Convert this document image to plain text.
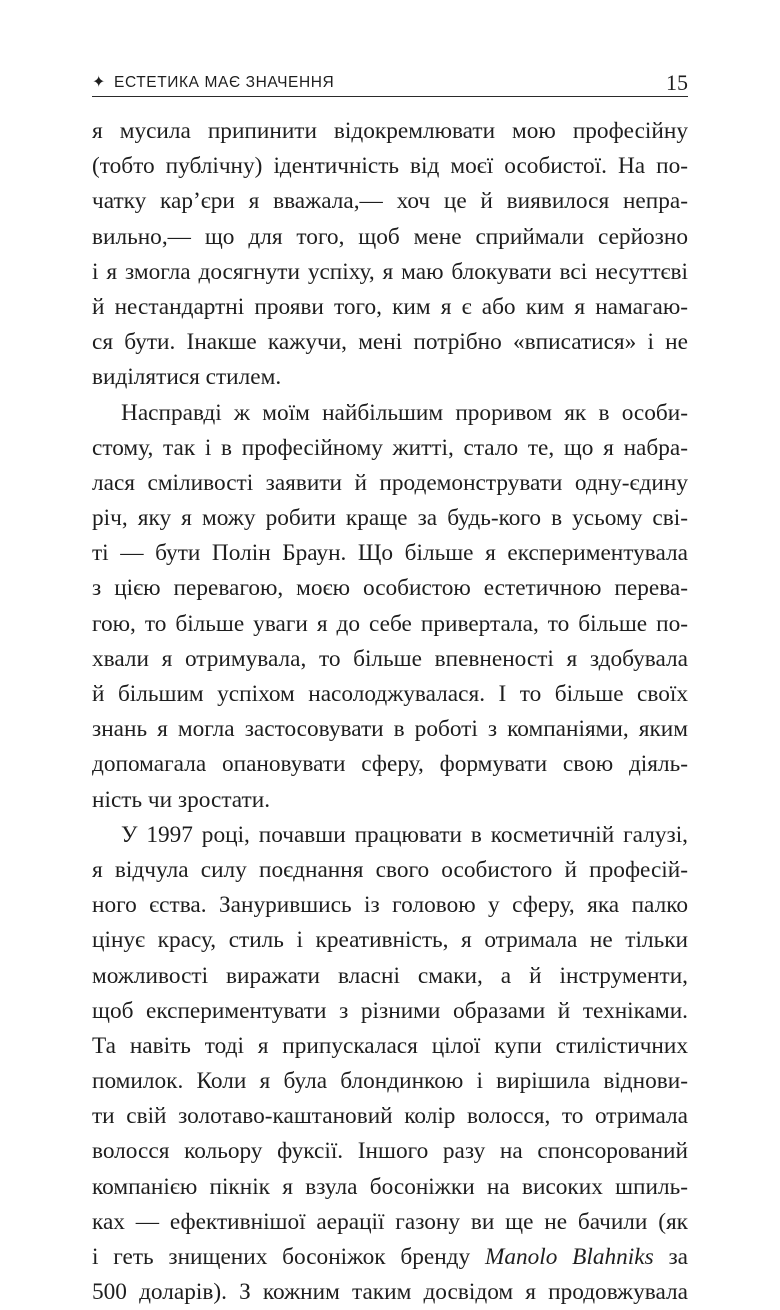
✦ ЕСТЕТИКА МАЄ ЗНАЧЕННЯ	15
я мусила припинити відокремлювати мою професійну
(тобто публічну) ідентичність від моєї особистої. На по-
чатку кар’єри я вважала,— хоч це й виявилося непра-
вильно,— що для того, щоб мене сприймали серйозно
і я змогла досягнути успіху, я маю блокувати всі несуттєві
й нестандартні прояви того, ким я є або ким я намагаю-
ся бути. Інакше кажучи, мені потрібно «вписатися» і не
виділятися стилем.
Насправді ж моїм найбільшим проривом як в особи-
стому, так і в професійному житті, стало те, що я набра-
лася сміливості заявити й продемонструвати одну-єдину
річ, яку я можу робити краще за будь-кого в усьому сві-
ті — бути Полін Браун. Що більше я експериментувала
з цією перевагою, моєю особистою естетичною перева-
гою, то більше уваги я до себе привертала, то більше по-
хвали я отримувала, то більше впевненості я здобувала
й більшим успіхом насолоджувалася. І то більше своїх
знань я могла застосовувати в роботі з компаніями, яким
допомагала опановувати сферу, формувати свою діяль-
ність чи зростати.
У 1997 році, почавши працювати в косметичній галузі,
я відчула силу поєднання свого особистого й професій-
ного єства. Занурившись із головою у сферу, яка палко
цінує красу, стиль і креативність, я отримала не тільки
можливості виражати власні смаки, а й інструменти,
щоб експериментувати з різними образами й техніками.
Та навіть тоді я припускалася цілої купи стилістичних
помилок. Коли я була блондинкою і вирішила віднови-
ти свій золотаво-каштановий колір волосся, то отримала
волосся кольору фуксії. Іншого разу на спонсорований
компанією пікнік я взула босоніжки на високих шпиль-
ках — ефективнішої аерації газону ви ще не бачили (як
і геть знищених босоніжок бренду Manolo Blahniks за
500 доларів). З кожним таким досвідом я продовжувала
